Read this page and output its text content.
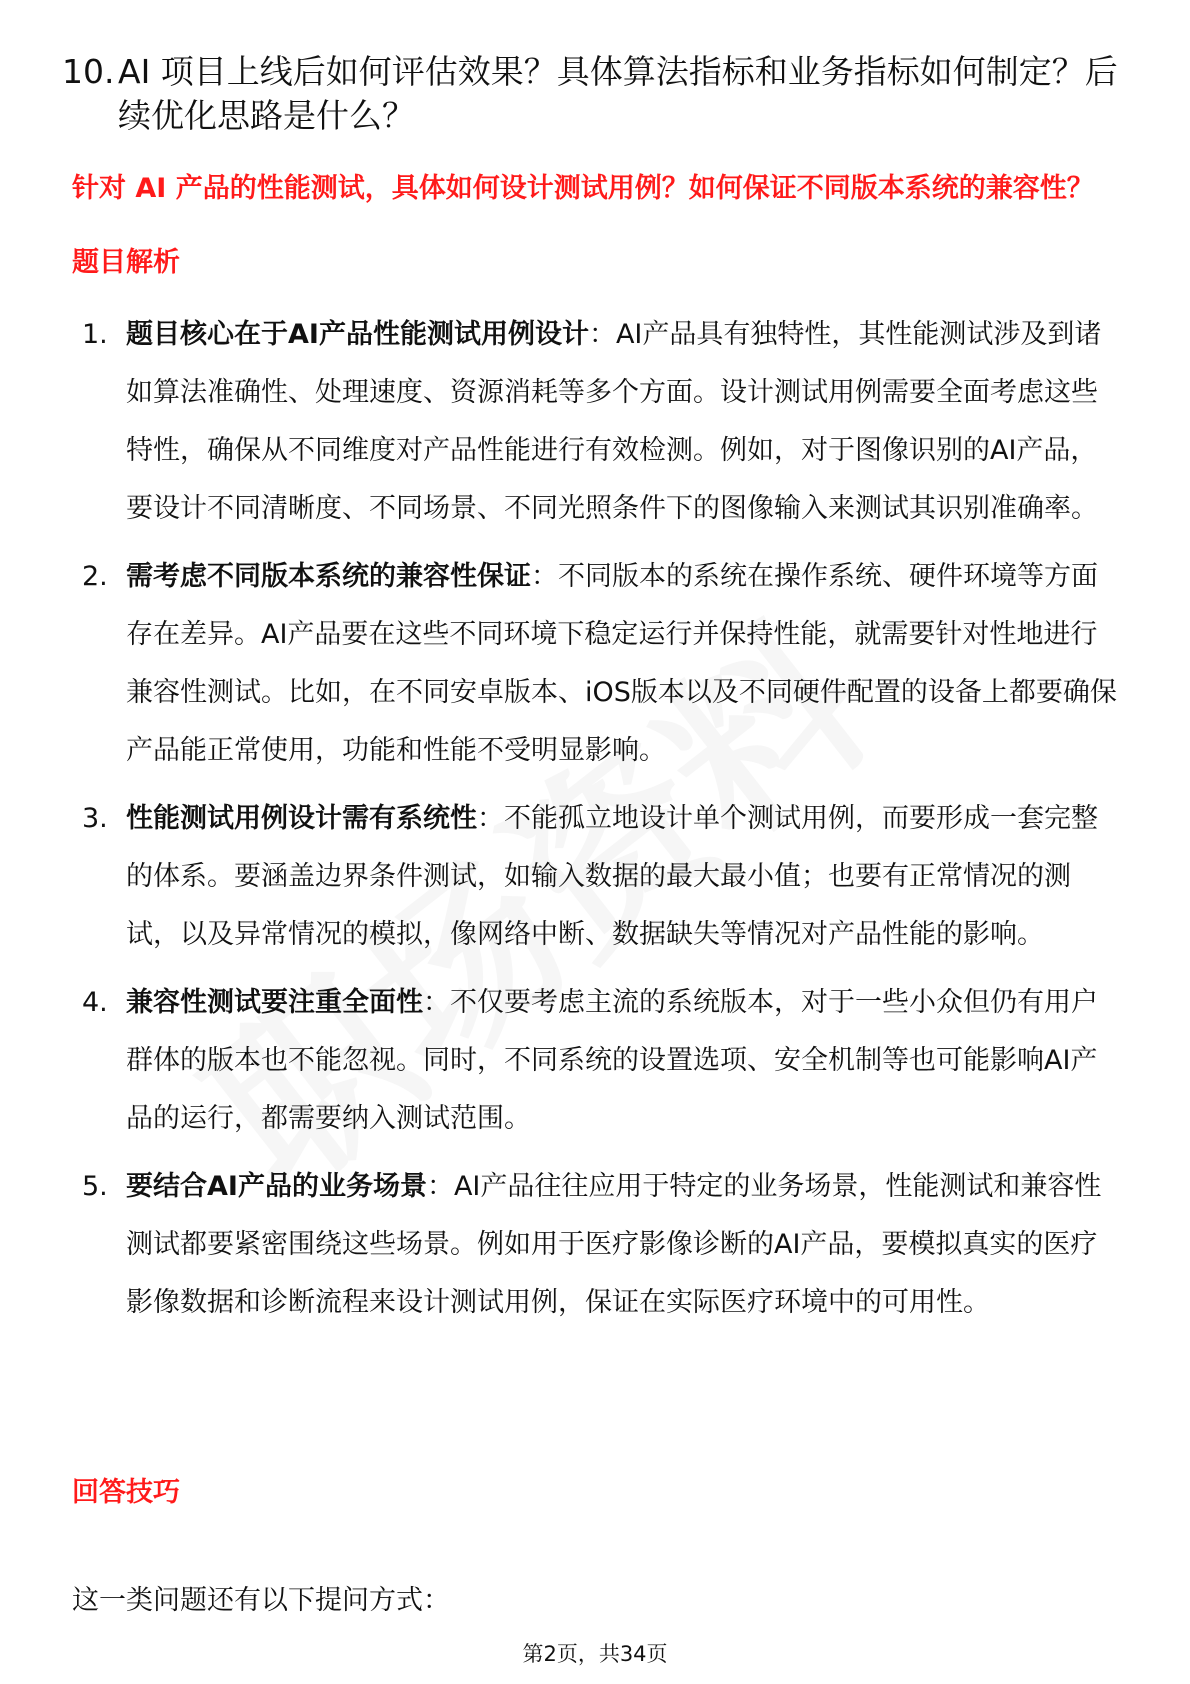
10. AI 项目上线后如何评估效果？具体算法指标和业务指标如何制定？后续优化思路是什么？
针对 AI 产品的性能测试，具体如何设计测试用例？如何保证不同版本系统的兼容性？
题目解析
1. 题目核心在于AI产品性能测试用例设计：AI产品具有独特性，其性能测试涉及到诸如算法准确性、处理速度、资源消耗等多个方面。设计测试用例需要全面考虑这些特性，确保从不同维度对产品性能进行有效检测。例如，对于图像识别的AI产品，要设计不同清晰度、不同场景、不同光照条件下的图像输入来测试其识别准确率。
2. 需考虑不同版本系统的兼容性保证：不同版本的系统在操作系统、硬件环境等方面存在差异。AI产品要在这些不同环境下稳定运行并保持性能，就需要针对性地进行兼容性测试。比如，在不同安卓版本、iOS版本以及不同硬件配置的设备上都要确保产品能正常使用，功能和性能不受明显影响。
3. 性能测试用例设计需有系统性：不能孤立地设计单个测试用例，而要形成一套完整的体系。要涵盖边界条件测试，如输入数据的最大最小值；也要有正常情况的测试，以及异常情况的模拟，像网络中断、数据缺失等情况对产品性能的影响。
4. 兼容性测试要注重全面性：不仅要考虑主流的系统版本，对于一些小众但仍有用户群体的版本也不能忽视。同时，不同系统的设置选项、安全机制等也可能影响AI产品的运行，都需要纳入测试范围。
5. 要结合AI产品的业务场景：AI产品往往应用于特定的业务场景，性能测试和兼容性测试都要紧密围绕这些场景。例如用于医疗影像诊断的AI产品，要模拟真实的医疗影像数据和诊断流程来设计测试用例，保证在实际医疗环境中的可用性。
回答技巧
这一类问题还有以下提问方式：
第2页，共34页
